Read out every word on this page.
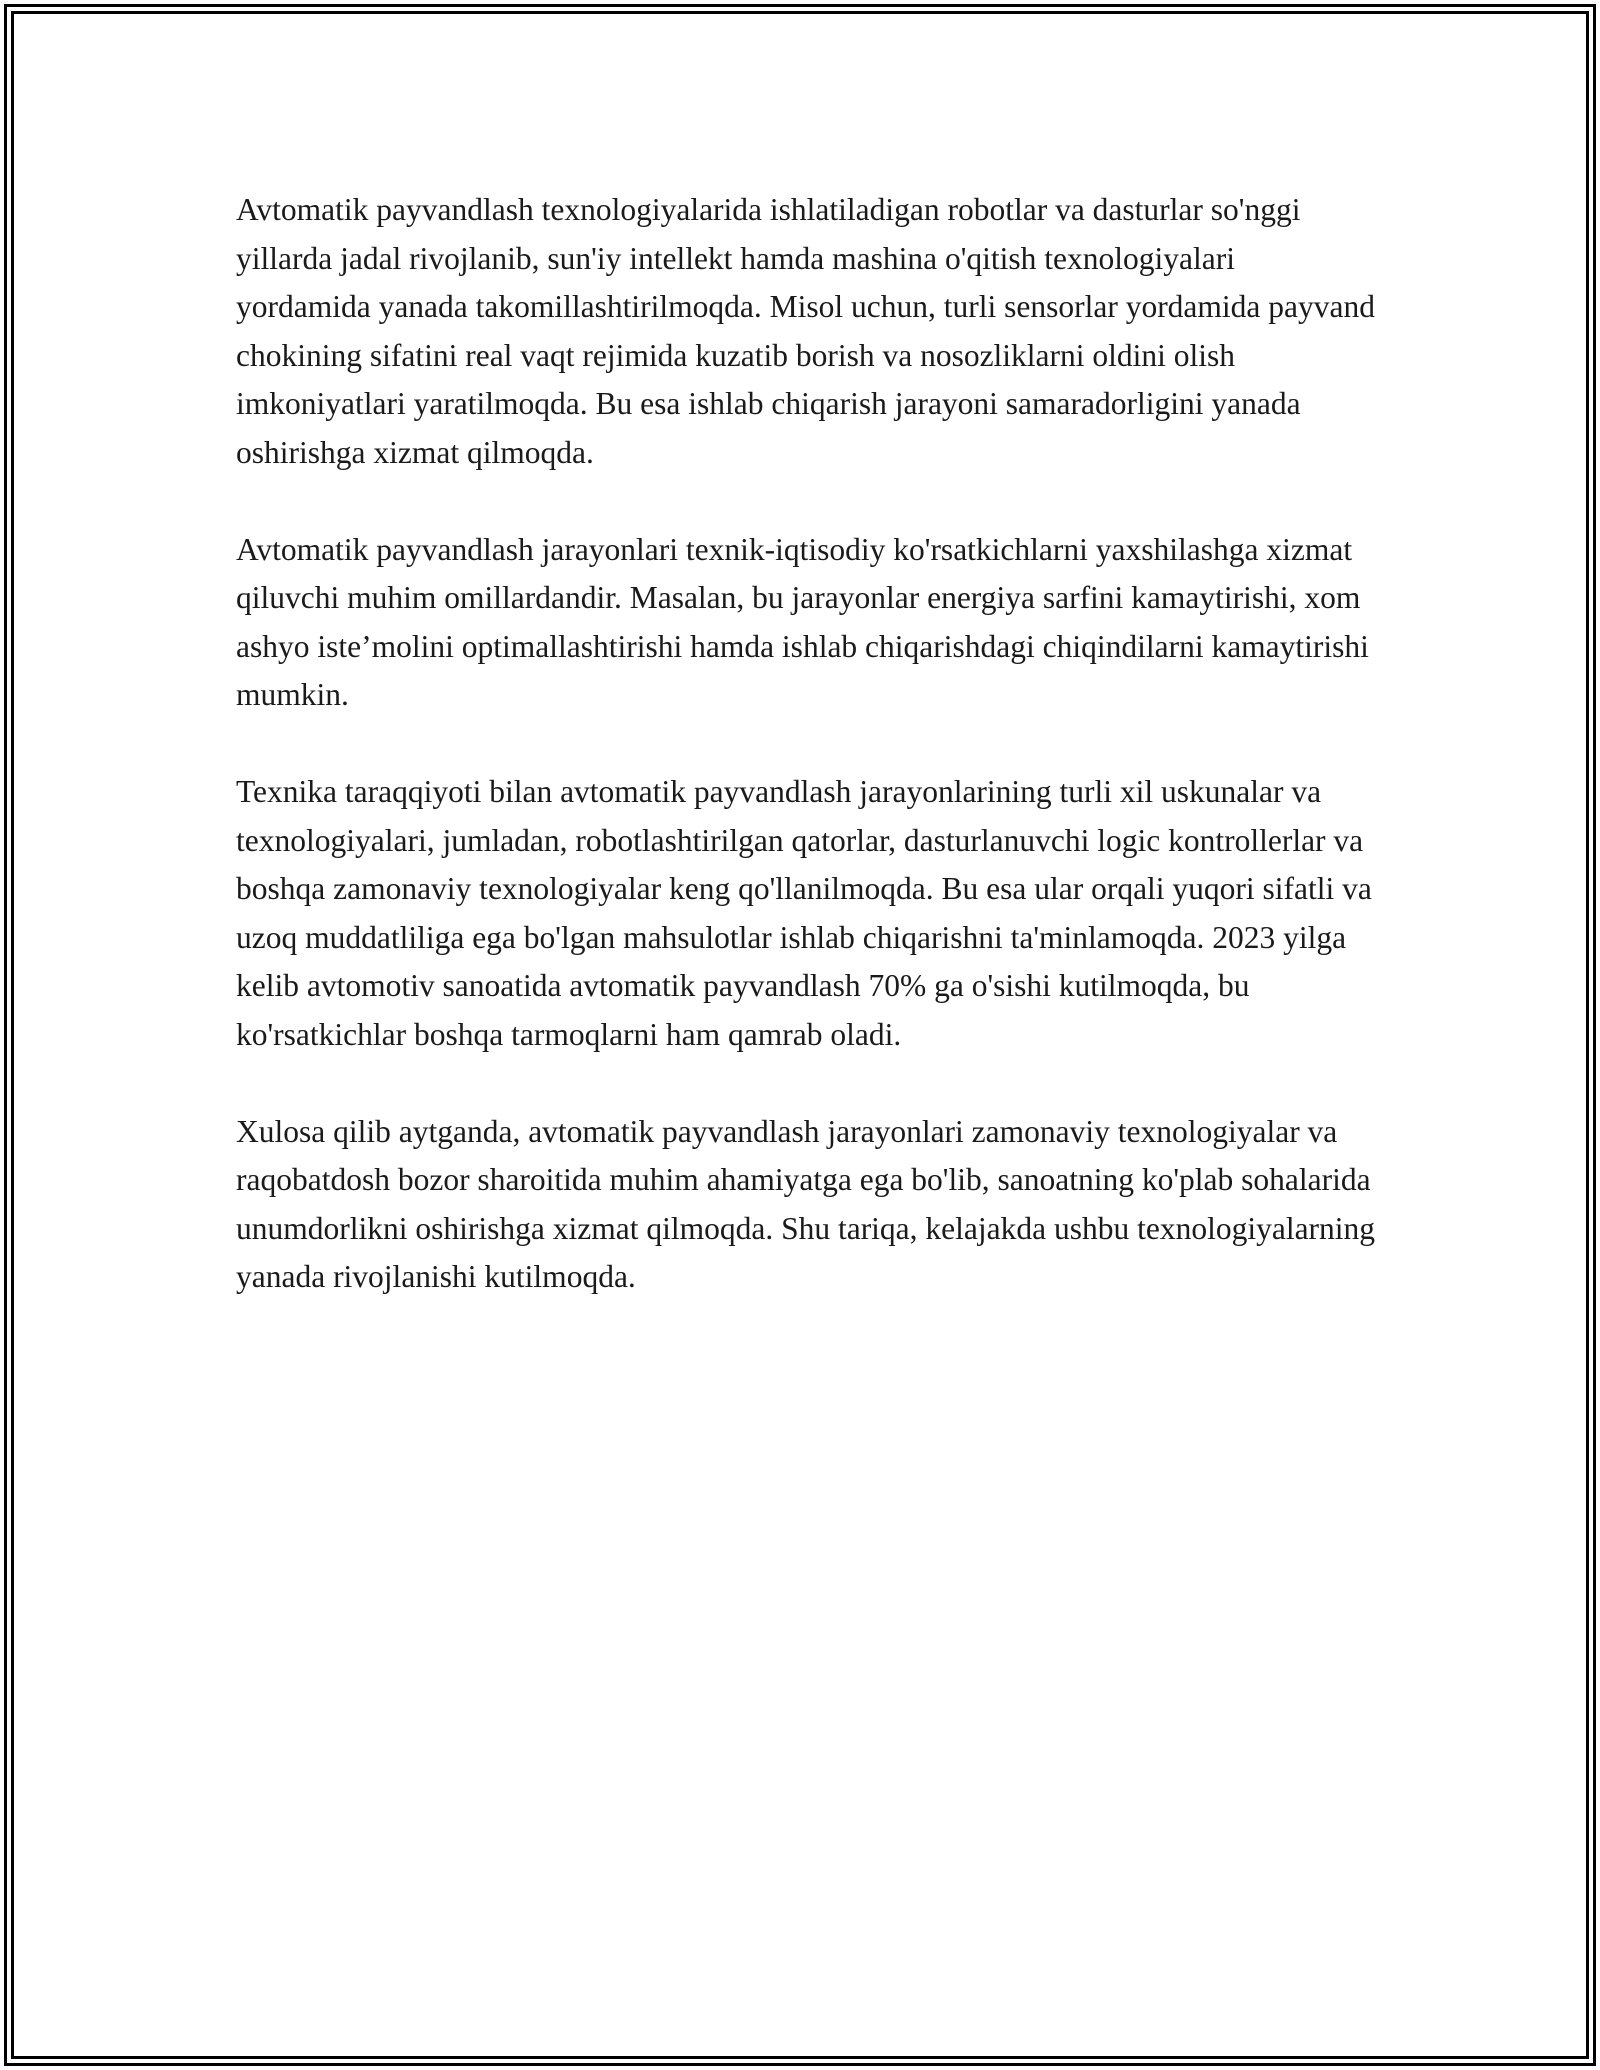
Avtomatik payvandlash texnologiyalarida ishlatiladigan robotlar va dasturlar so'nggi yillarda jadal rivojlanib, sun'iy intellekt hamda mashina o'qitish texnologiyalari yordamida yanada takomillashtirilmoqda. Misol uchun, turli sensorlar yordamida payvand chokining sifatini real vaqt rejimida kuzatib borish va nosozliklarni oldini olish imkoniyatlari yaratilmoqda. Bu esa ishlab chiqarish jarayoni samaradorligini yanada oshirishga xizmat qilmoqda.

Avtomatik payvandlash jarayonlari texnik-iqtisodiy ko'rsatkichlarni yaxshilashga xizmat qiluvchi muhim omillardandir. Masalan, bu jarayonlar energiya sarfini kamaytirishi, xom ashyo iste’molini optimallashtirishi hamda ishlab chiqarishdagi chiqindilarni kamaytirishi mumkin.

Texnika taraqqiyoti bilan avtomatik payvandlash jarayonlarining turli xil uskunalar va texnologiyalari, jumladan, robotlashtirilgan qatorlar, dasturlanuvchi logic kontrollerlar va boshqa zamonaviy texnologiyalar keng qo'llanilmoqda. Bu esa ular orqali yuqori sifatli va uzoq muddatliliga ega bo'lgan mahsulotlar ishlab chiqarishni ta'minlamoqda. 2023 yilga kelib avtomotiv sanoatida avtomatik payvandlash 70% ga o'sishi kutilmoqda, bu ko'rsatkichlar boshqa tarmoqlarni ham qamrab oladi.

Xulosa qilib aytganda, avtomatik payvandlash jarayonlari zamonaviy texnologiyalar va raqobatdosh bozor sharoitida muhim ahamiyatga ega bo'lib, sanoatning ko'plab sohalarida unumdorlikni oshirishga xizmat qilmoqda. Shu tariqa, kelajakda ushbu texnologiyalarning yanada rivojlanishi kutilmoqda.
